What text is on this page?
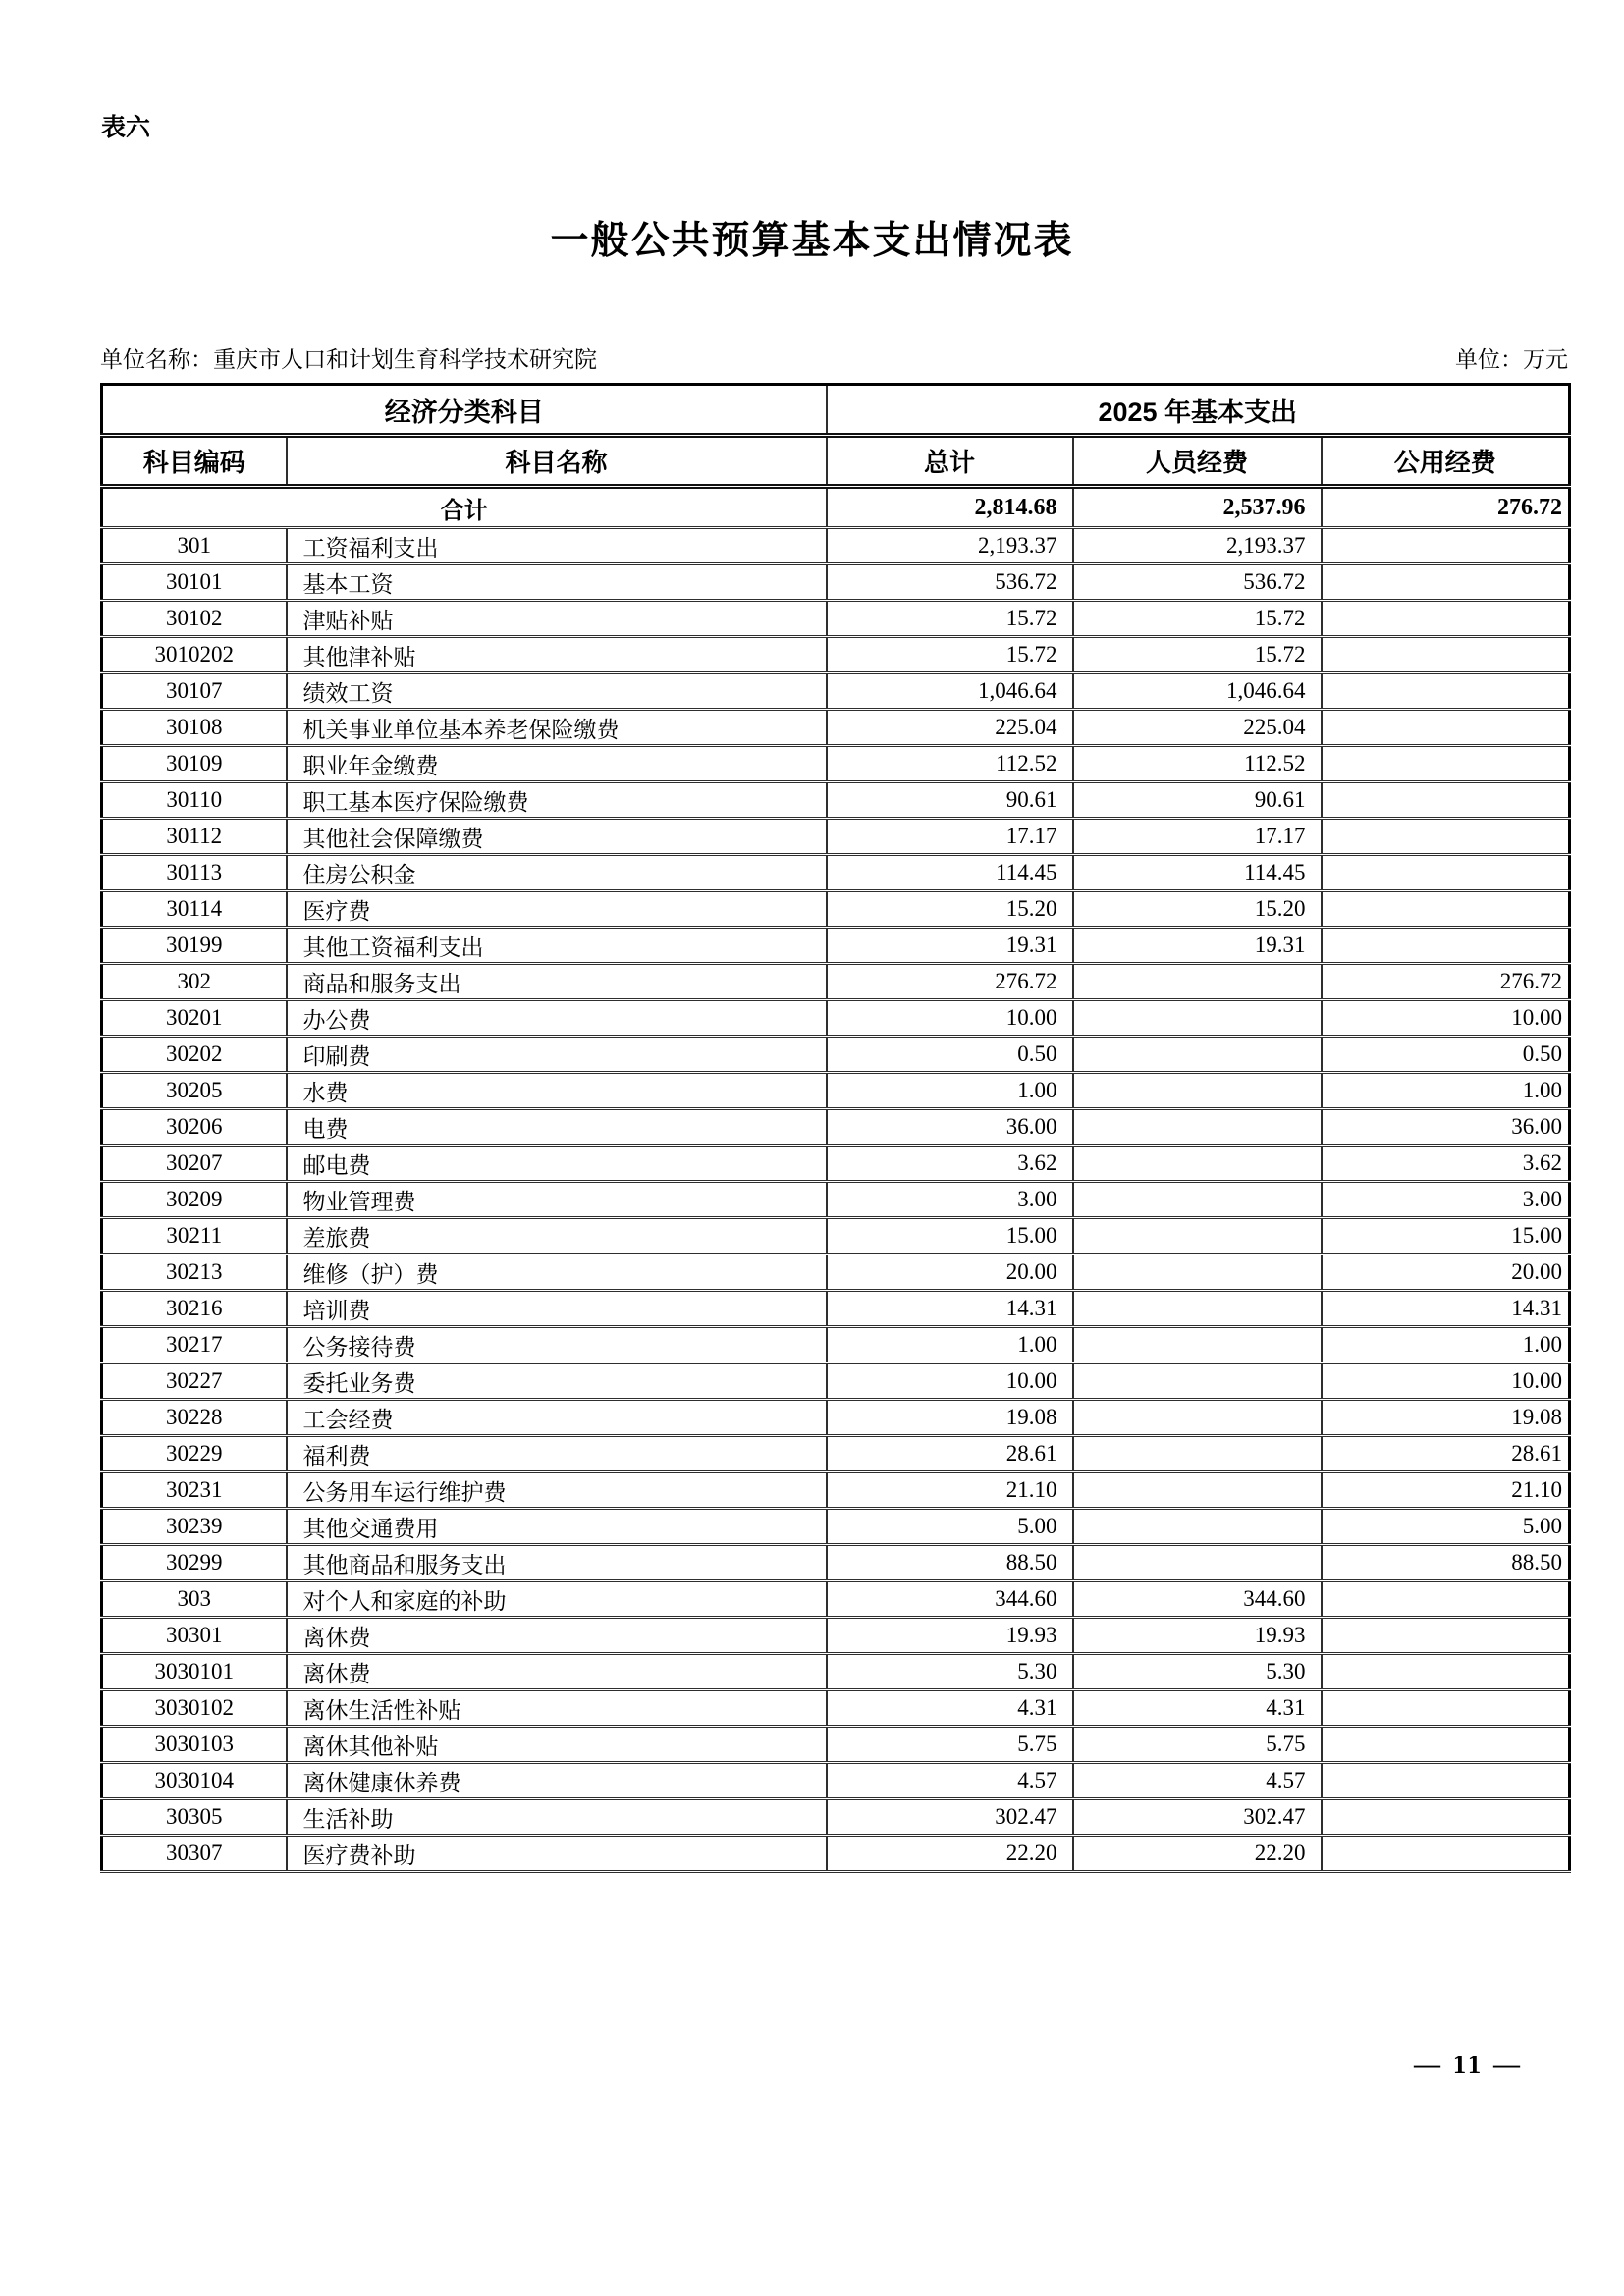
表六
一般公共预算基本支出情况表
单位名称：重庆市人口和计划生育科学技术研究院	单位：万元
经济分类科目		2025 年基本支出		
科目编码	科目名称	总计	人员经费	公用经费
合计		2,814.68	2,537.96	276.72
301	工资福利支出	2,193.37	2,193.37	
30101	基本工资	536.72	536.72	
30102	津贴补贴	15.72	15.72	
3010202	其他津补贴	15.72	15.72	
30107	绩效工资	1,046.64	1,046.64	
30108	机关事业单位基本养老保险缴费	225.04	225.04	
30109	职业年金缴费	112.52	112.52	
30110	职工基本医疗保险缴费	90.61	90.61	
30112	其他社会保障缴费	17.17	17.17	
30113	住房公积金	114.45	114.45	
30114	医疗费	15.20	15.20	
30199	其他工资福利支出	19.31	19.31	
302	商品和服务支出	276.72		276.72
30201	办公费	10.00		10.00
30202	印刷费	0.50		0.50
30205	水费	1.00		1.00
30206	电费	36.00		36.00
30207	邮电费	3.62		3.62
30209	物业管理费	3.00		3.00
30211	差旅费	15.00		15.00
30213	维修（护）费	20.00		20.00
30216	培训费	14.31		14.31
30217	公务接待费	1.00		1.00
30227	委托业务费	10.00		10.00
30228	工会经费	19.08		19.08
30229	福利费	28.61		28.61
30231	公务用车运行维护费	21.10		21.10
30239	其他交通费用	5.00		5.00
30299	其他商品和服务支出	88.50		88.50
303	对个人和家庭的补助	344.60	344.60	
30301	离休费	19.93	19.93	
3030101	离休费	5.30	5.30	
3030102	离休生活性补贴	4.31	4.31	
3030103	离休其他补贴	5.75	5.75	
3030104	离休健康休养费	4.57	4.57	
30305	生活补助	302.47	302.47	
30307	医疗费补助	22.20	22.20	
— 11 —
